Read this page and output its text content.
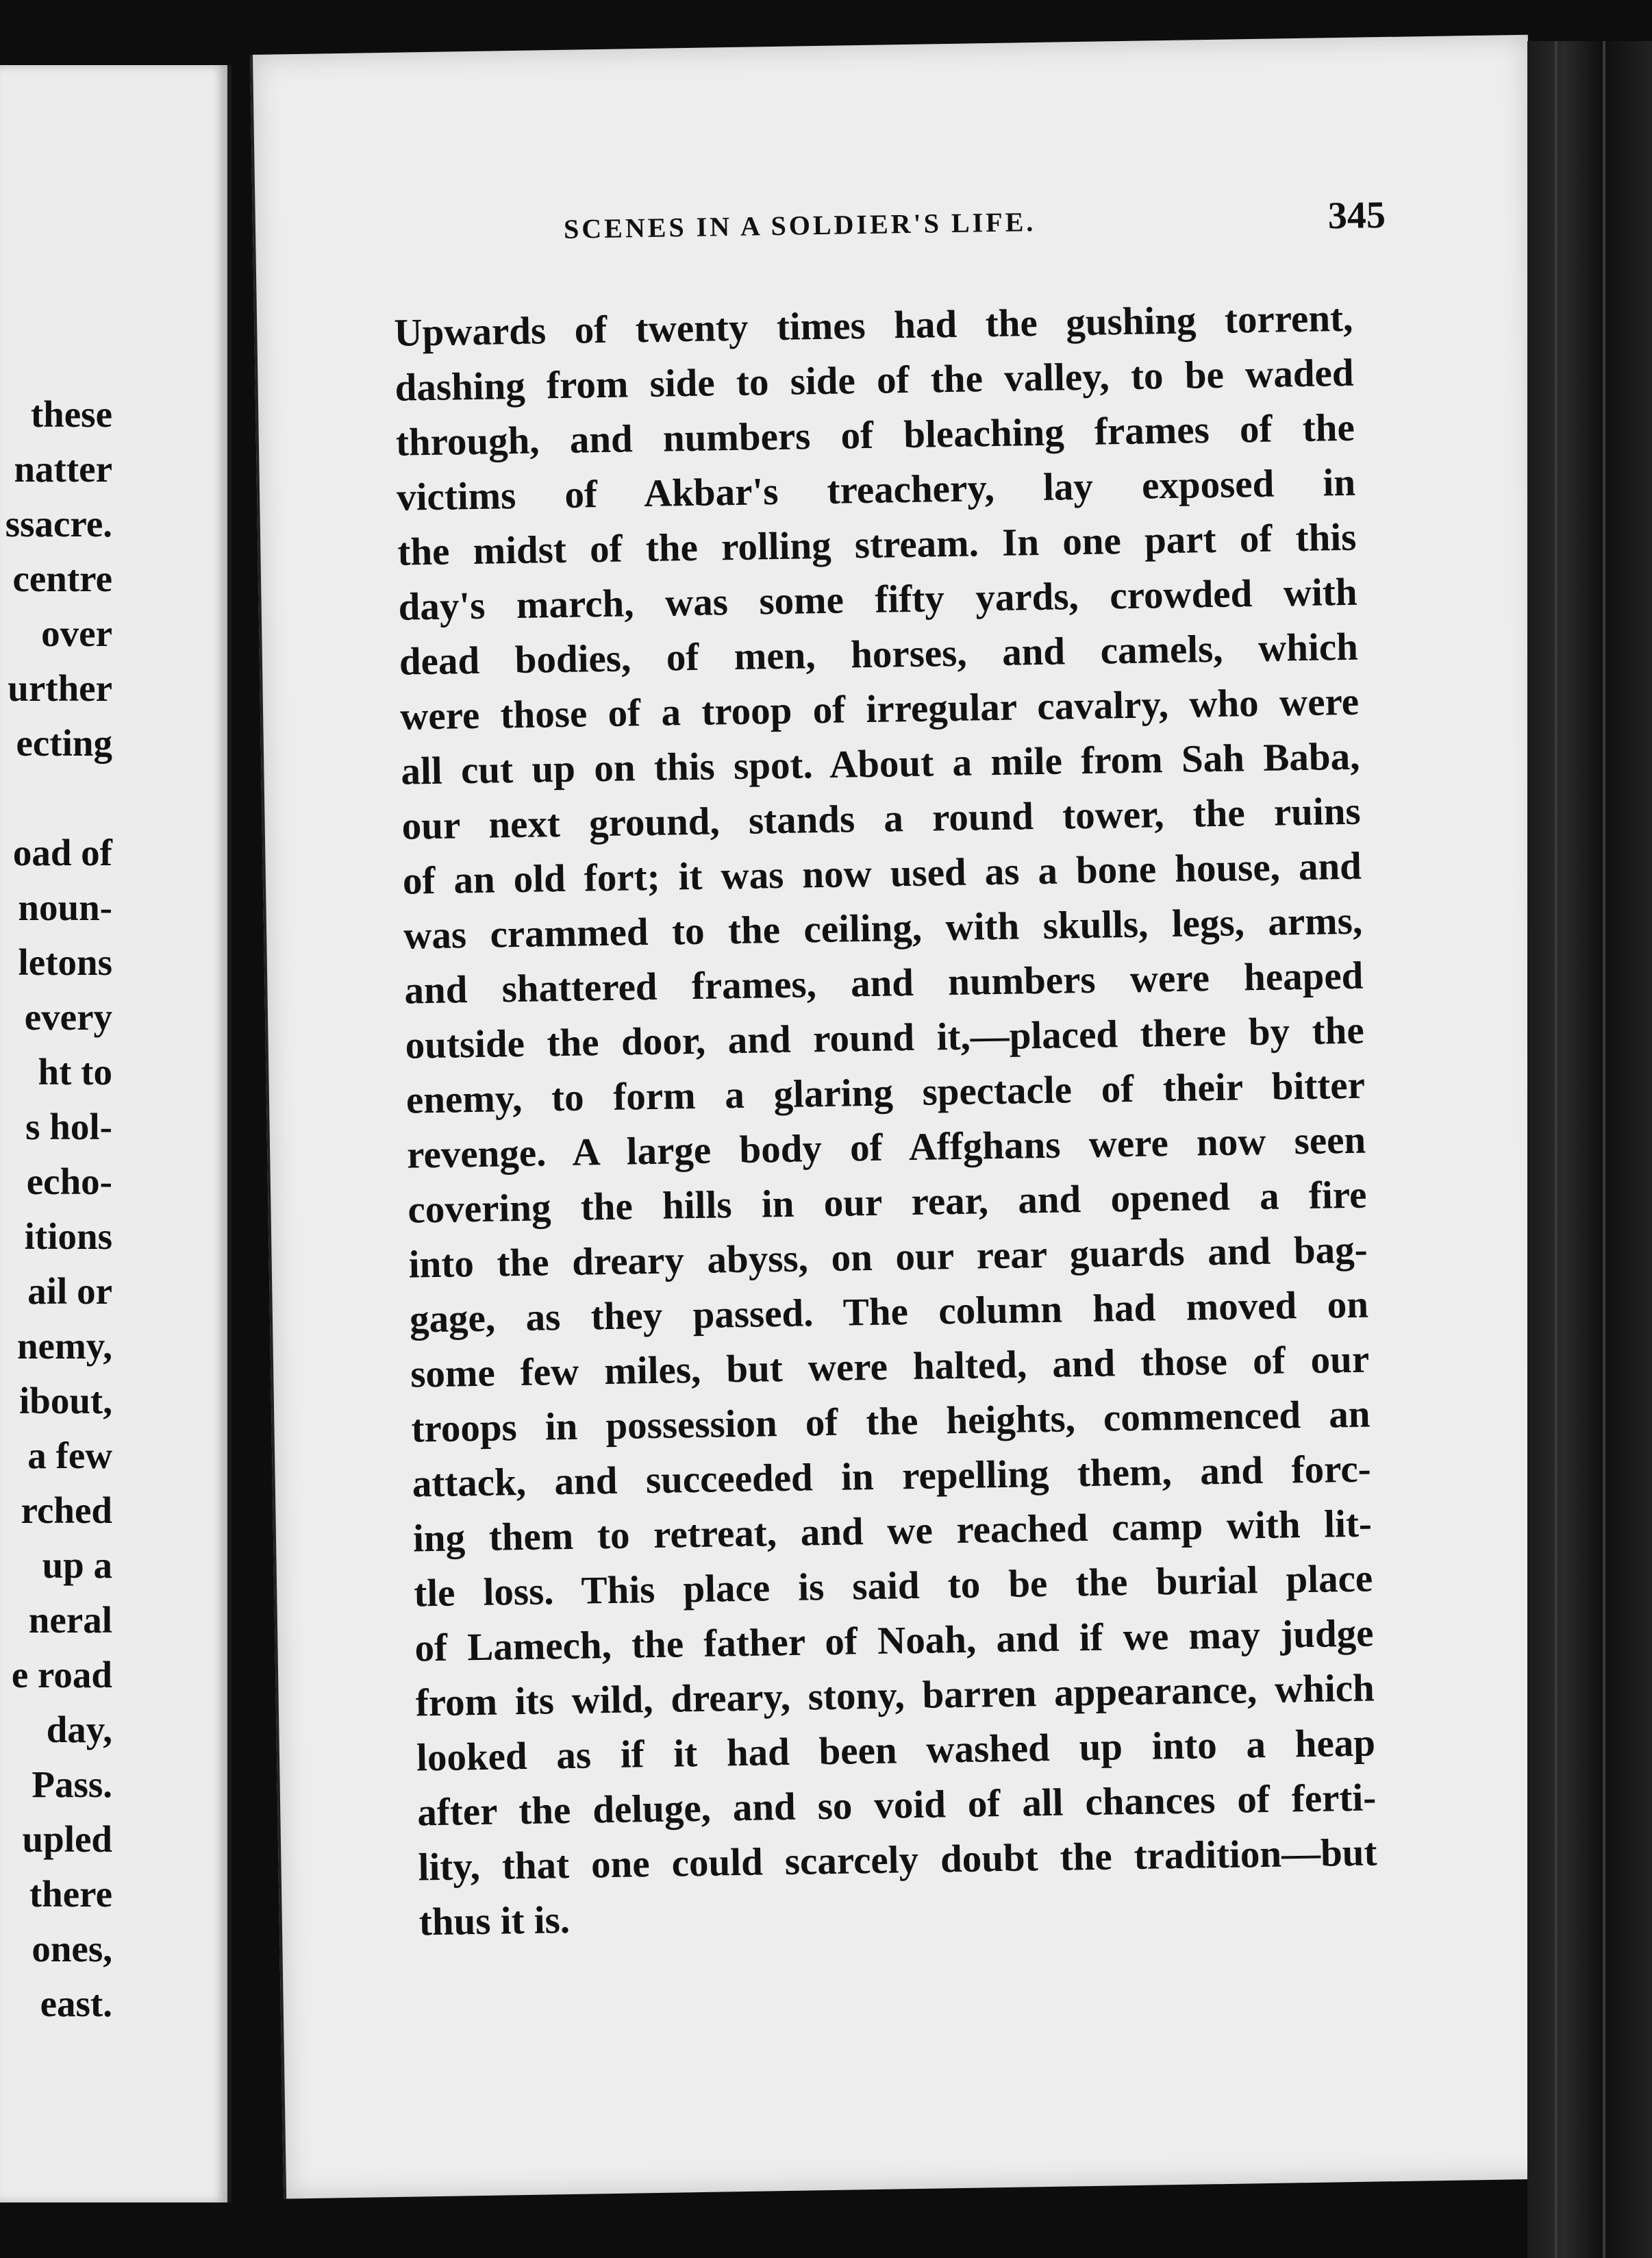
these
natter
ssacre.
centre
over
urther
ecting

oad of
noun-
letons
every
ht to
s hol-
echo-
itions
ail or
nemy,
ibout,
a few
rched
up a
neral
e road
day,
Pass.
upled
there
ones,
east.
SCENES IN A SOLDIER'S LIFE.	345
Upwards of twenty times had the gushing torrent,
dashing from side to side of the valley, to be waded
through, and numbers of bleaching frames of the
victims of Akbar's treachery, lay exposed in
the midst of the rolling stream. In one part of this
day's march, was some fifty yards, crowded with
dead bodies, of men, horses, and camels, which
were those of a troop of irregular cavalry, who were
all cut up on this spot. About a mile from Sah Baba,
our next ground, stands a round tower, the ruins
of an old fort; it was now used as a bone house, and
was crammed to the ceiling, with skulls, legs, arms,
and shattered frames, and numbers were heaped
outside the door, and round it,—placed there by the
enemy, to form a glaring spectacle of their bitter
revenge. A large body of Affghans were now seen
covering the hills in our rear, and opened a fire
into the dreary abyss, on our rear guards and bag-
gage, as they passed. The column had moved on
some few miles, but were halted, and those of our
troops in possession of the heights, commenced an
attack, and succeeded in repelling them, and forc-
ing them to retreat, and we reached camp with lit-
tle loss. This place is said to be the burial place
of Lamech, the father of Noah, and if we may judge
from its wild, dreary, stony, barren appearance, which
looked as if it had been washed up into a heap
after the deluge, and so void of all chances of ferti-
lity, that one could scarcely doubt the tradition—but
thus it is.
